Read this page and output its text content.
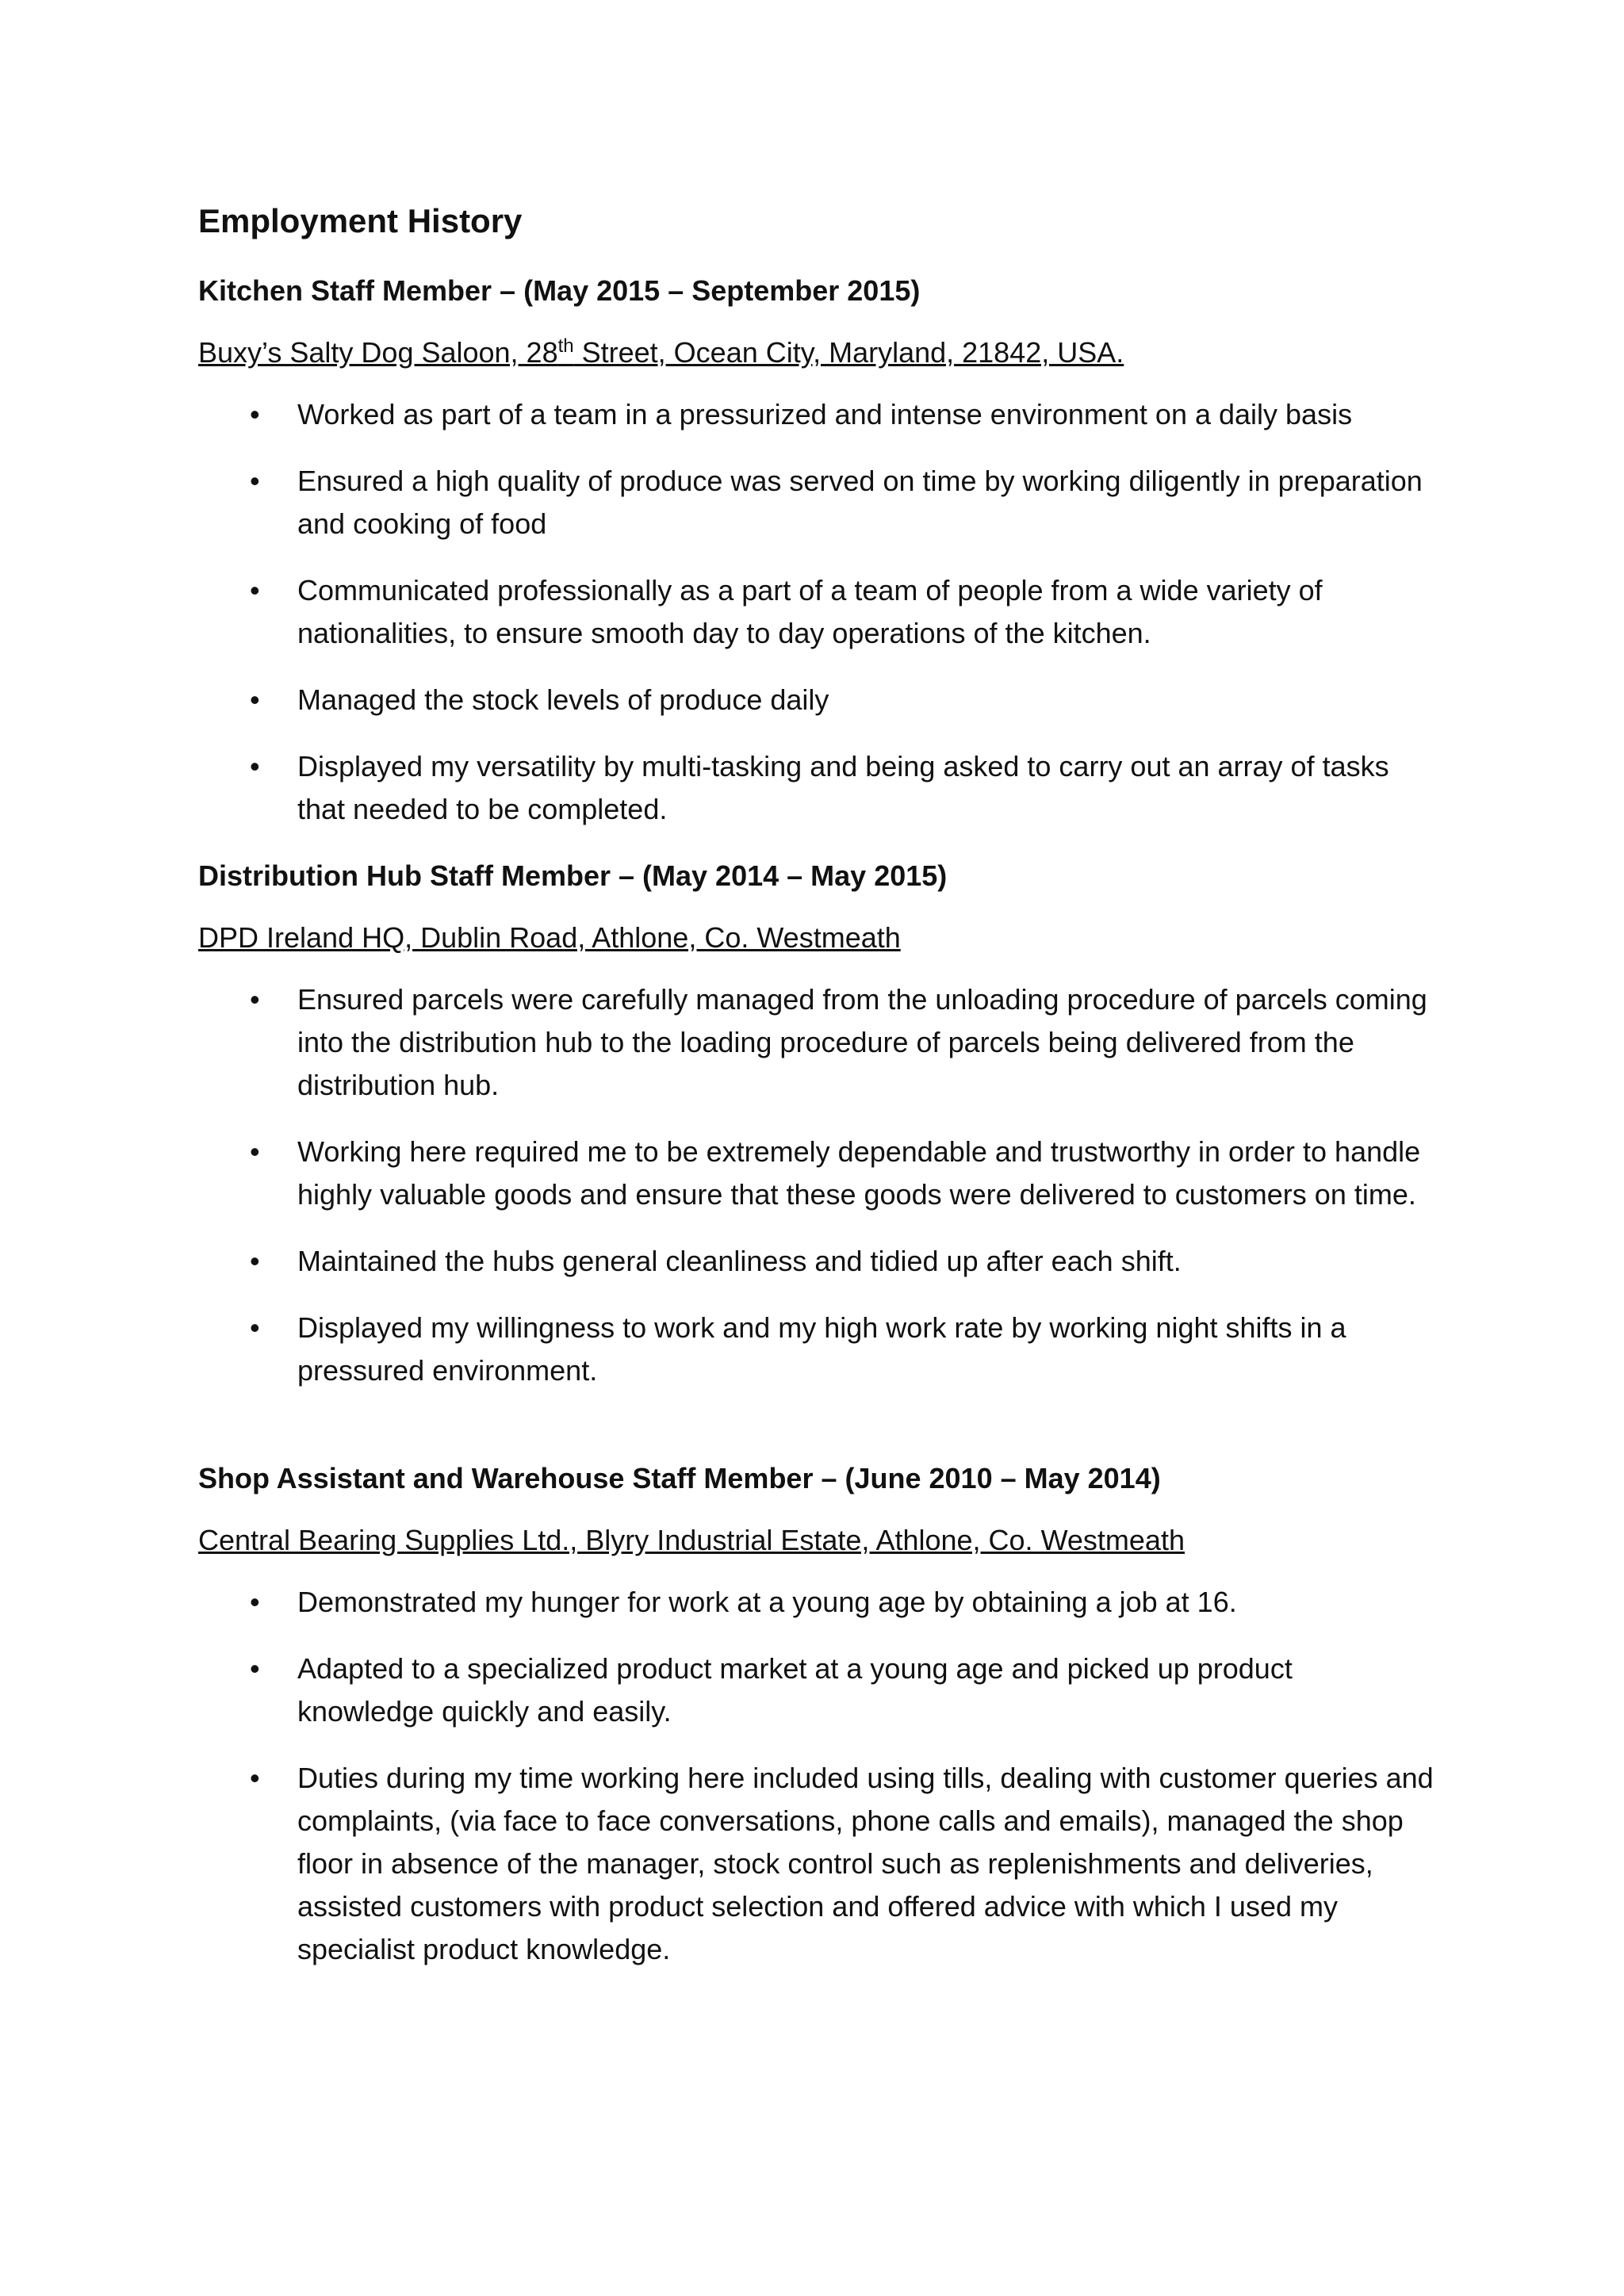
Employment History
Kitchen Staff Member – (May 2015 – September 2015)
Buxy’s Salty Dog Saloon, 28th Street, Ocean City, Maryland, 21842, USA.
• Worked as part of a team in a pressurized and intense environment on a daily basis
• Ensured a high quality of produce was served on time by working diligently in preparation and cooking of food
• Communicated professionally as a part of a team of people from a wide variety of nationalities, to ensure smooth day to day operations of the kitchen.
• Managed the stock levels of produce daily
• Displayed my versatility by multi-tasking and being asked to carry out an array of tasks that needed to be completed.
Distribution Hub Staff Member – (May 2014 – May 2015)
DPD Ireland HQ, Dublin Road, Athlone, Co. Westmeath
• Ensured parcels were carefully managed from the unloading procedure of parcels coming into the distribution hub to the loading procedure of parcels being delivered from the distribution hub.
• Working here required me to be extremely dependable and trustworthy in order to handle highly valuable goods and ensure that these goods were delivered to customers on time.
• Maintained the hubs general cleanliness and tidied up after each shift.
• Displayed my willingness to work and my high work rate by working night shifts in a pressured environment.
Shop Assistant and Warehouse Staff Member – (June 2010 – May 2014)
Central Bearing Supplies Ltd., Blyry Industrial Estate, Athlone, Co. Westmeath
• Demonstrated my hunger for work at a young age by obtaining a job at 16.
• Adapted to a specialized product market at a young age and picked up product knowledge quickly and easily.
• Duties during my time working here included using tills, dealing with customer queries and complaints, (via face to face conversations, phone calls and emails), managed the shop floor in absence of the manager, stock control such as replenishments and deliveries, assisted customers with product selection and offered advice with which I used my specialist product knowledge.
